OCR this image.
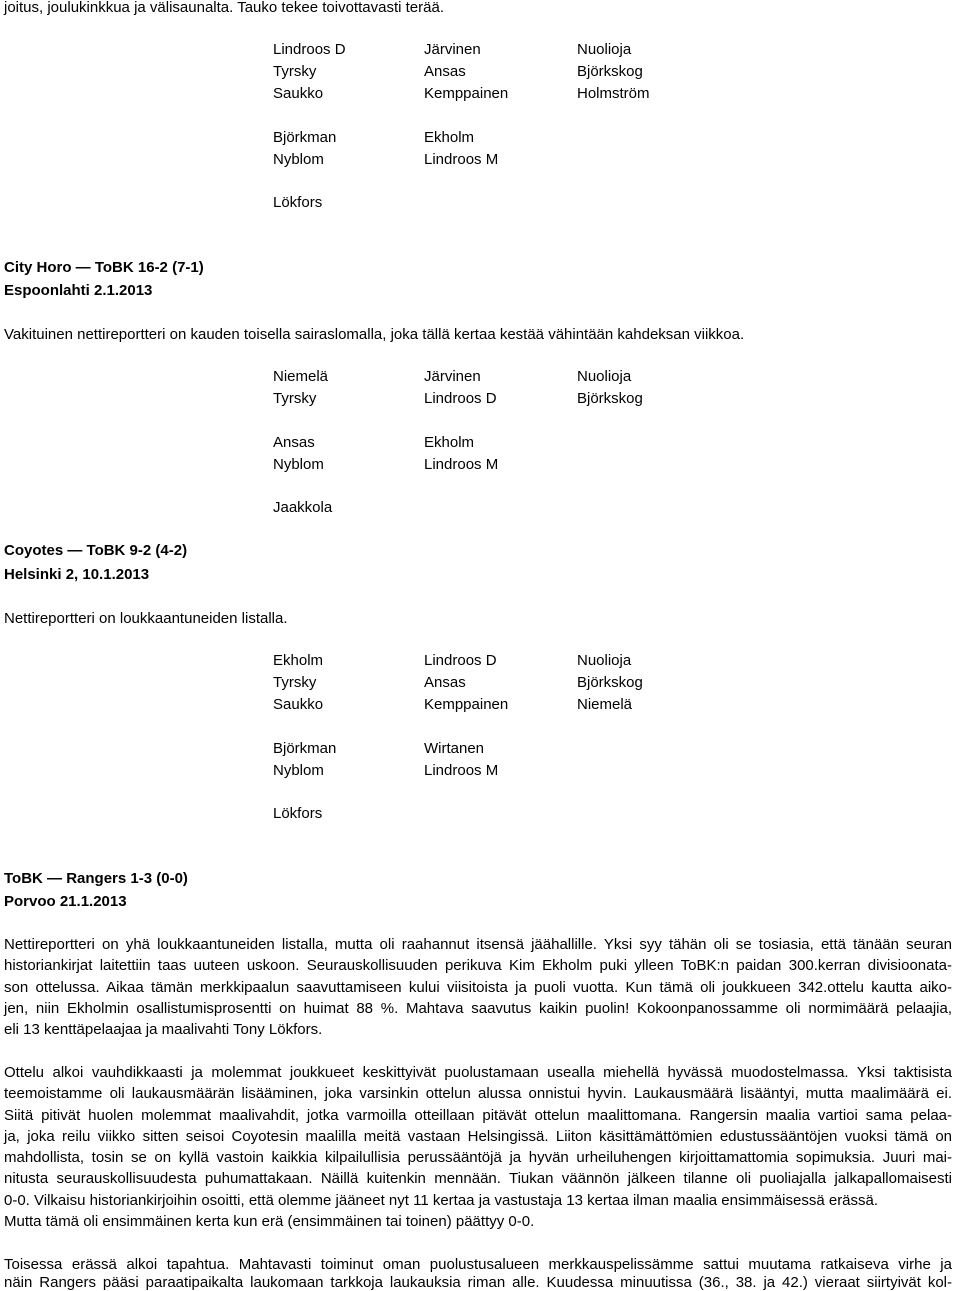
joitus, joulukinkkua ja välisaunalta. Tauko tekee toivottavasti terää.
Lindroos D	Järvinen	Nuolioja
Tyrsky	Ansas	Björkskog
Saukko	Kemppainen	Holmström
Björkman	Ekholm
Nyblom	Lindroos M
Lökfors
City Horo — ToBK 16-2 (7-1)
Espoonlahti 2.1.2013
Vakituinen nettireportteri on kauden toisella sairaslomalla, joka tällä kertaa kestää vähintään kahdeksan viikkoa.
Niemelä	Järvinen	Nuolioja
Tyrsky	Lindroos D	Björkskog
Ansas	Ekholm
Nyblom	Lindroos M
Jaakkola
Coyotes — ToBK 9-2 (4-2)
Helsinki 2, 10.1.2013
Nettireportteri on loukkaantuneiden listalla.
Ekholm	Lindroos D	Nuolioja
Tyrsky	Ansas	Björkskog
Saukko	Kemppainen	Niemelä
Björkman	Wirtanen
Nyblom	Lindroos M
Lökfors
ToBK — Rangers 1-3 (0-0)
Porvoo 21.1.2013
Nettireportteri on yhä loukkaantuneiden listalla, mutta oli raahannut itsensä jäähallille. Yksi syy tähän oli se tosiasia, että tänään seuran
historiankirjat laitettiin taas uuteen uskoon. Seurauskollisuuden perikuva Kim Ekholm puki ylleen ToBK:n paidan 300.kerran divisioonata-
son ottelussa. Aikaa tämän merkkipaalun saavuttamiseen kului viisitoista ja puoli vuotta. Kun tämä oli joukkueen 342.ottelu kautta aiko-
jen, niin Ekholmin osallistumisprosentti on huimat 88 %. Mahtava saavutus kaikin puolin! Kokoonpanossamme oli normimäärä pelaajia,
eli 13 kenttäpelaajaa ja maalivahti Tony Lökfors.
Ottelu alkoi vauhdikkaasti ja molemmat joukkueet keskittyivät puolustamaan usealla miehellä hyvässä muodostelmassa. Yksi taktisista
teemoistamme oli laukausmäärän lisääminen, joka varsinkin ottelun alussa onnistui hyvin. Laukausmäärä lisääntyi, mutta maalimäärä ei.
Siitä pitivät huolen molemmat maalivahdit, jotka varmoilla otteillaan pitävät ottelun maalittomana. Rangersin maalia vartioi sama pelaa-
ja, joka reilu viikko sitten seisoi Coyotesin maalilla meitä vastaan Helsingissä. Liiton käsittämättömien edustussääntöjen vuoksi tämä on
mahdollista, tosin se on kyllä vastoin kaikkia kilpailullisia perussääntöjä ja hyvän urheiluhengen kirjoittamattomia sopimuksia. Juuri mai-
nitusta seurauskollisuudesta puhumattakaan. Näillä kuitenkin mennään. Tiukan väännön jälkeen tilanne oli puoliajalla jalkapallomaisesti
0-0. Vilkaisu historiankirjoihin osoitti, että olemme jääneet nyt 11 kertaa ja vastustaja 13 kertaa ilman maalia ensimmäisessä erässä.
Mutta tämä oli ensimmäinen kerta kun erä (ensimmäinen tai toinen) päättyy 0-0.
Toisessa erässä alkoi tapahtua. Mahtavasti toiminut oman puolustusalueen merkkauspelissämme sattui muutama ratkaiseva virhe ja
näin Rangers pääsi paraatipaikalta laukomaan tarkkoja laukauksia riman alle. Kuudessa minuutissa (36., 38. ja 42.) vieraat siirtyivät kol-
